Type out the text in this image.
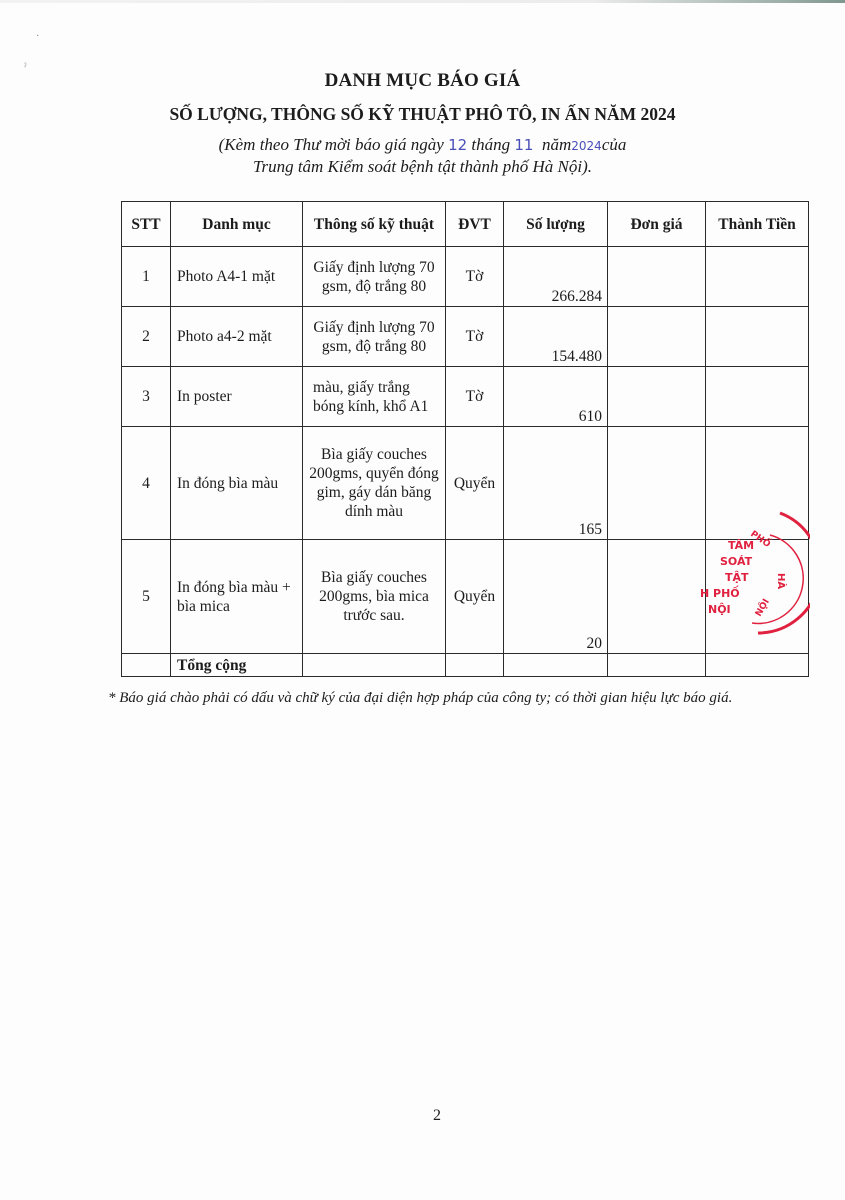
·
ˀ
DANH MỤC BÁO GIÁ
SỐ LƯỢNG, THÔNG SỐ KỸ THUẬT PHÔ TÔ, IN ẤN NĂM 2024
(Kèm theo Thư mời báo giá ngày 12 tháng 11 năm2024của
Trung tâm Kiểm soát bệnh tật thành phố Hà Nội).
STT	Danh mục	Thông số kỹ thuật	ĐVT	Số lượng	Đơn giá	Thành Tiền
1	Photo A4-1 mặt	Giấy định lượng 70 gsm, độ trắng 80	Tờ	266.284		
2	Photo a4-2 mặt	Giấy định lượng 70 gsm, độ trắng 80	Tờ	154.480		
3	In poster	màu, giấy trắng bóng kính, khổ A1	Tờ	610		
4	In đóng bìa màu	Bìa giấy couches 200gms, quyển đóng gim, gáy dán băng dính màu	Quyển	165		
5	In đóng bìa màu + bìa mica	Bìa giấy couches 200gms, bìa mica trước sau.	Quyển	20		
	Tổng cộng					
TÂM
SOÁT
TẬT
H PHỐ
NỘI
PHỐ
HÀ
NỘI
* Báo giá chào phải có dấu và chữ ký của đại diện hợp pháp của công ty; có thời gian hiệu lực báo giá.
2
